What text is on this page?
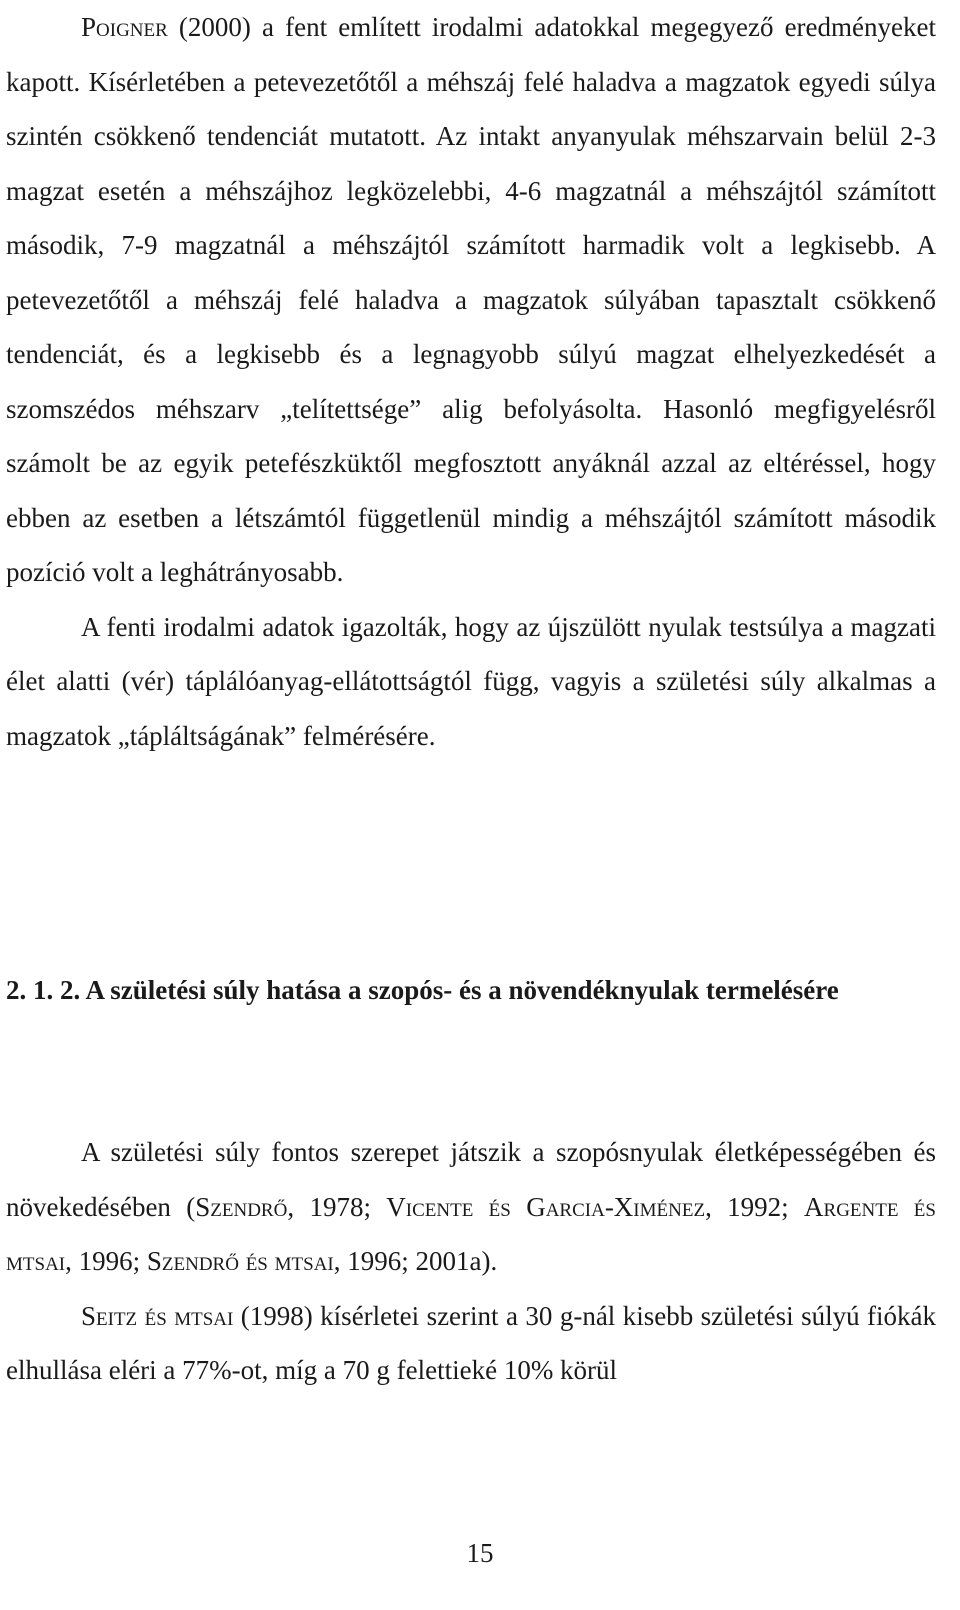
Poigner (2000) a fent említett irodalmi adatokkal megegyező eredményeket kapott. Kísérletében a petevezetőtől a méhszáj felé haladva a magzatok egyedi súlya szintén csökkenő tendenciát mutatott. Az intakt anyanyulak méhszarvain belül 2-3 magzat esetén a méhszájhoz legközelebbi, 4-6 magzatnál a méhszájtól számított második, 7-9 magzatnál a méhszájtól számított harmadik volt a legkisebb. A petevezetőtől a méhszáj felé haladva a magzatok súlyában tapasztalt csökkenő tendenciát, és a legkisebb és a legnagyobb súlyú magzat elhelyezkedését a szomszédos méhszarv „telítettsége” alig befolyásolta. Hasonló megfigyelésről számolt be az egyik petefészküktől megfosztott anyáknál azzal az eltéréssel, hogy ebben az esetben a létszámtól függetlenül mindig a méhszájtól számított második pozíció volt a leghátrányosabb.

A fenti irodalmi adatok igazolták, hogy az újszülött nyulak testsúlya a magzati élet alatti (vér) táplálóanyag-ellátottságtól függ, vagyis a születési súly alkalmas a magzatok „tápláltságának” felmérésére.

2. 1. 2. A születési súly hatása a szopós- és a növendéknyulak termelésére

A születési súly fontos szerepet játszik a szopósnyulak életképességében és növekedésében (Szendrő, 1978; Vicente és Garcia-Ximénez, 1992; Argente és mtsai, 1996; Szendrő és mtsai, 1996; 2001a).

Seitz és mtsai (1998) kísérletei szerint a 30 g-nál kisebb születési súlyú fiókák elhullása eléri a 77%-ot, míg a 70 g felettieké 10% körül

15
